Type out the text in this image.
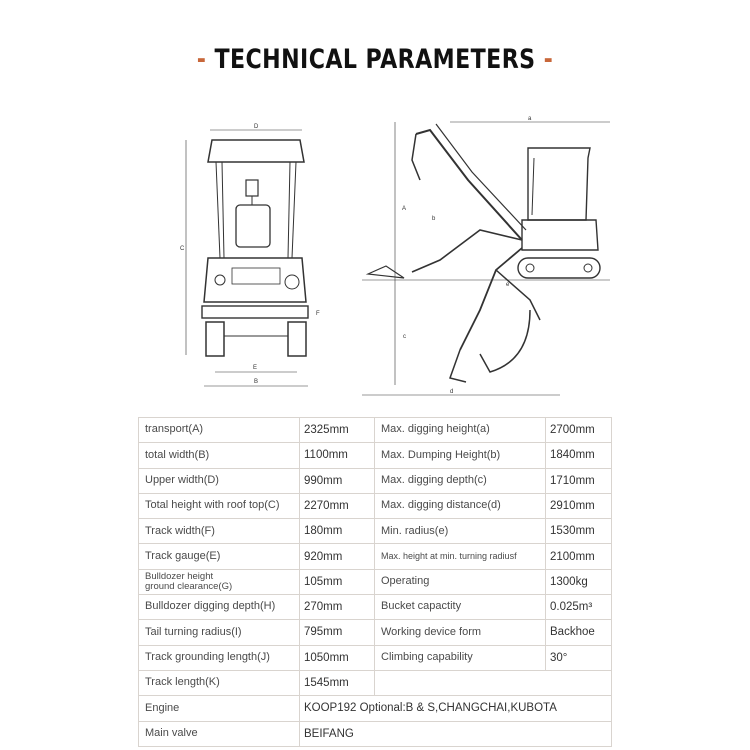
- TECHNICAL PARAMETERS -
D
C
F
E
B
a
d
A
c
b
e
transport(A)	2325mm	Max. digging height(a)	2700mm
total width(B)	1100mm	Max. Dumping Height(b)	1840mm
Upper width(D)	990mm	Max. digging depth(c)	1710mm
Total height with roof top(C)	2270mm	Max. digging distance(d)	2910mm
Track width(F)	180mm	Min. radius(e)	1530mm
Track gauge(E)	920mm	Max. height at min. turning radiusf	2100mm
Bulldozer height
ground clearance(G)	105mm	Operating	1300kg
Bulldozer digging depth(H)	270mm	Bucket capactity	0.025m³
Tail turning radius(I)	795mm	Working device form	Backhoe
Track grounding length(J)	1050mm	Climbing capability	30°
Track length(K)	1545mm		
Engine	KOOP192 Optional:B & S,CHANGCHAI,KUBOTA		
Main valve	BEIFANG		
